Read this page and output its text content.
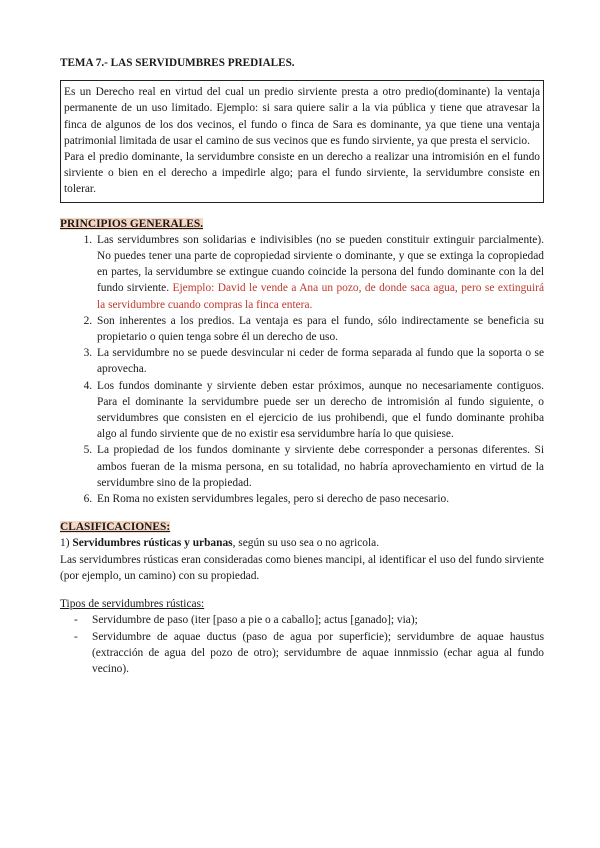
TEMA 7.- LAS SERVIDUMBRES PREDIALES.

Es un Derecho real en virtud del cual un predio sirviente presta a otro predio(dominante) la ventaja permanente de un uso limitado. Ejemplo: si sara quiere salir a la via pública y tiene que atravesar la finca de algunos de los dos vecinos, el fundo o finca de Sara es dominante, ya que tiene una ventaja patrimonial limitada de usar el camino de sus vecinos que es fundo sirviente, ya que presta el servicio.

Para el predio dominante, la servidumbre consiste en un derecho a realizar una intromisión en el fundo sirviente o bien en el derecho a impedirle algo; para el fundo sirviente, la servidumbre consiste en tolerar.

PRINCIPIOS GENERALES.

1. Las servidumbres son solidarias e indivisibles (no se pueden constituir extinguir parcialmente). No puedes tener una parte de copropiedad sirviente o dominante, y que se extinga la copropiedad en partes, la servidumbre se extingue cuando coincide la persona del fundo dominante con la del fundo sirviente. Ejemplo: David le vende a Ana un pozo, de donde saca agua, pero se extinguirá la servidumbre cuando compras la finca entera.
2. Son inherentes a los predios. La ventaja es para el fundo, sólo indirectamente se beneficia su propietario o quien tenga sobre él un derecho de uso.
3. La servidumbre no se puede desvincular ni ceder de forma separada al fundo que la soporta o se aprovecha.
4. Los fundos dominante y sirviente deben estar próximos, aunque no necesariamente contiguos. Para el dominante la servidumbre puede ser un derecho de intromisión al fundo siguiente, o servidumbres que consisten en el ejercicio de ius prohibendi, que el fundo dominante prohiba algo al fundo sirviente que de no existir esa servidumbre haría lo que quisiese.
5. La propiedad de los fundos dominante y sirviente debe corresponder a personas diferentes. Si ambos fueran de la misma persona, en su totalidad, no habría aprovechamiento en virtud de la servidumbre sino de la propiedad.
6. En Roma no existen servidumbres legales, pero si derecho de paso necesario.

CLASIFICACIONES:

1) Servidumbres rústicas y urbanas, según su uso sea o no agricola.

Las servidumbres rústicas eran consideradas como bienes mancipi, al identificar el uso del fundo sirviente (por ejemplo, un camino) con su propiedad.

Tipos de servidumbres rústicas:

- Servidumbre de paso (iter [paso a pie o a caballo]; actus [ganado]; via);
- Servidumbre de aquae ductus (paso de agua por superficie); servidumbre de aquae haustus (extracción de agua del pozo de otro); servidumbre de aquae innmissio (echar agua al fundo vecino).
